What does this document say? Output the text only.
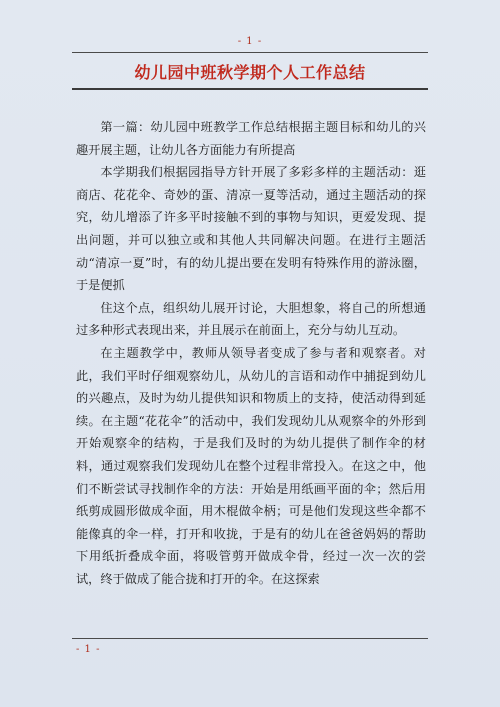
- 1 -
幼儿园中班秋学期个人工作总结

第一篇：幼儿园中班教学工作总结根据主题目标和幼儿的兴趣开展主题，让幼儿各方面能力有所提高

本学期我们根据园指导方针开展了多彩多样的主题活动：逛商店、花花伞、奇妙的蛋、清凉一夏等活动，通过主题活动的探究，幼儿增添了许多平时接触不到的事物与知识，更爱发现、提出问题，并可以独立或和其他人共同解决问题。在进行主题活动“清凉一夏”时，有的幼儿提出要在发明有特殊作用的游泳圈，于是便抓

住这个点，组织幼儿展开讨论，大胆想象，将自己的所想通过多种形式表现出来，并且展示在前面上，充分与幼儿互动。

在主题教学中，教师从领导者变成了参与者和观察者。对此，我们平时仔细观察幼儿，从幼儿的言语和动作中捕捉到幼儿的兴趣点，及时为幼儿提供知识和物质上的支持，使活动得到延续。在主题“花花伞”的活动中，我们发现幼儿从观察伞的外形到开始观察伞的结构，于是我们及时的为幼儿提供了制作伞的材料，通过观察我们发现幼儿在整个过程非常投入。在这之中，他们不断尝试寻找制作伞的方法：开始是用纸画平面的伞；然后用纸剪成圆形做成伞面，用木棍做伞柄；可是他们发现这些伞都不能像真的伞一样，打开和收拢，于是有的幼儿在爸爸妈妈的帮助下用纸折叠成伞面，将吸管剪开做成伞骨，经过一次一次的尝试，终于做成了能合拢和打开的伞。在这探索

- 1 -
